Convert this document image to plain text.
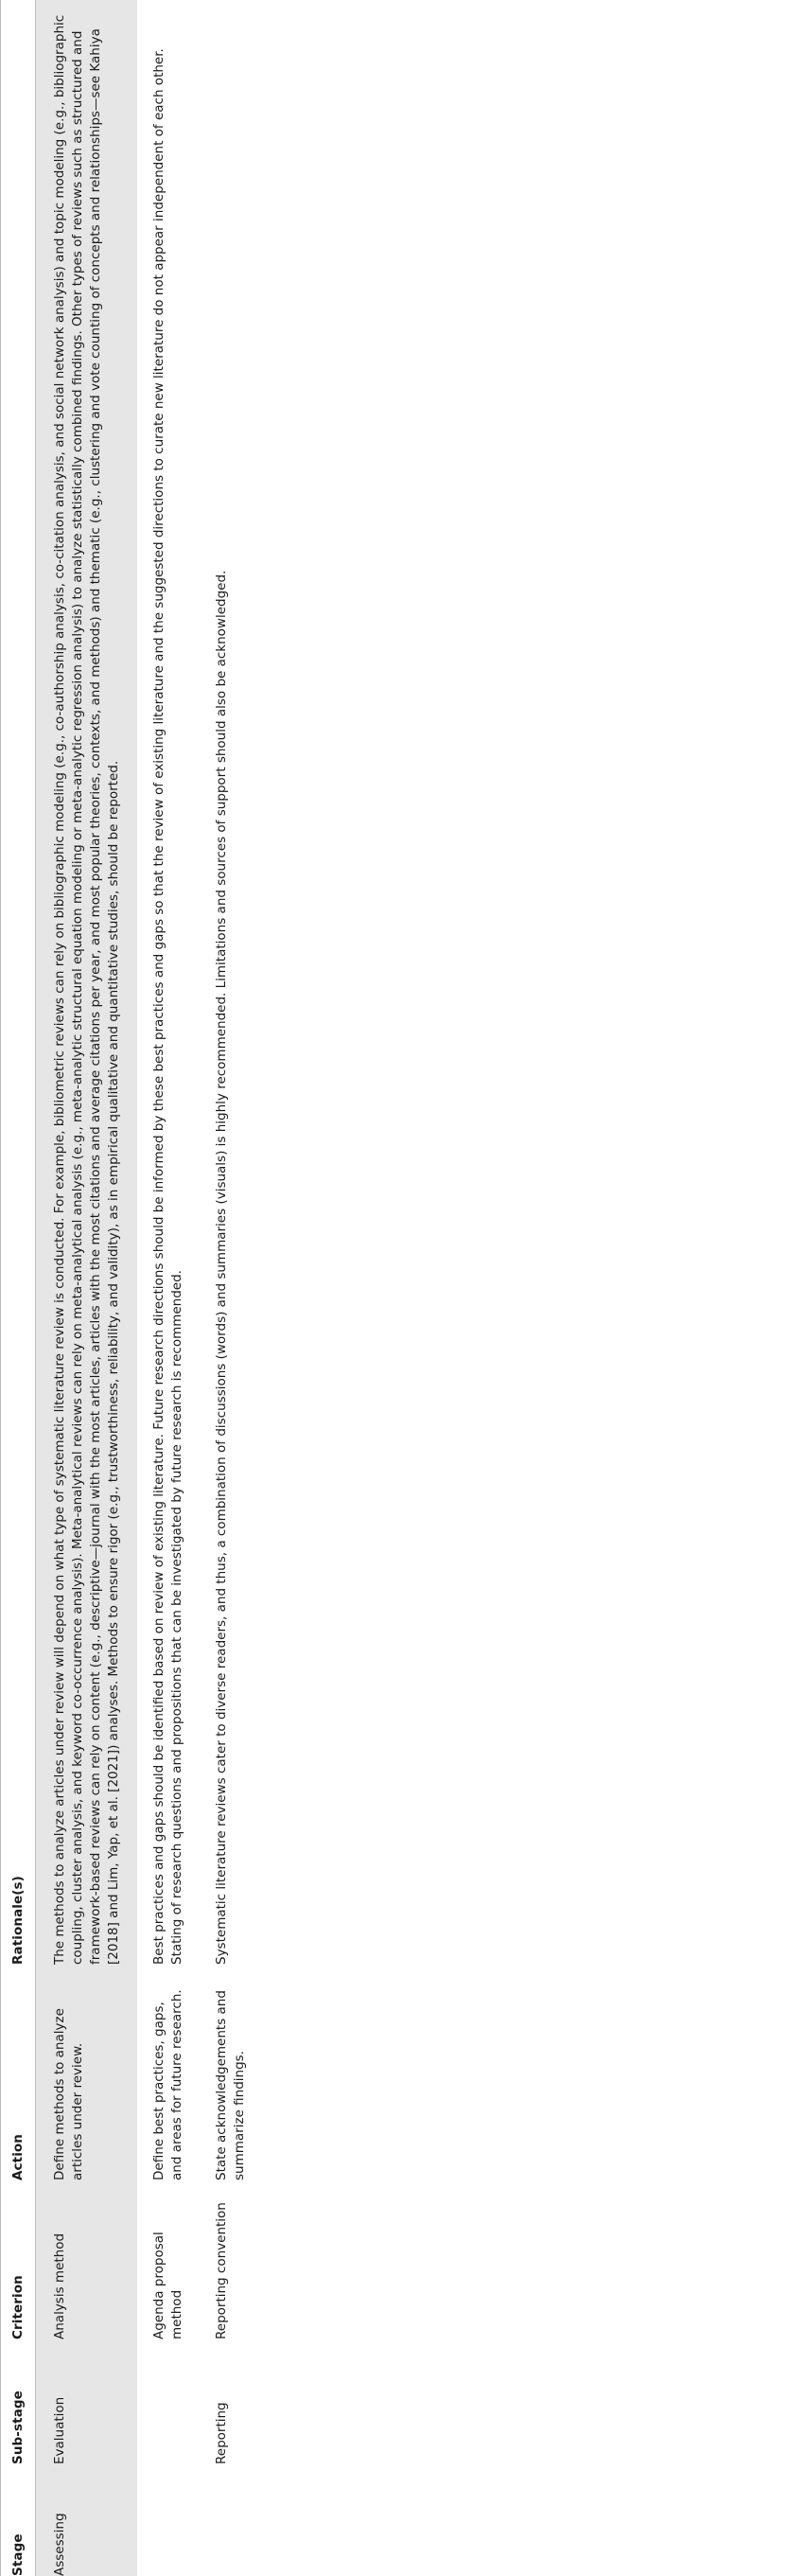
Stage	Sub-stage	Criterion	Action	Rationale(s)
Assessing	Evaluation	Analysis method	Define methods to analyze articles under review.	The methods to analyze articles under review will depend on what type of systematic literature review is conducted. For example, bibliometric reviews can rely on bibliographic modeling (e.g., co-authorship analysis, co-citation analysis, and social network analysis) and topic modeling (e.g., bibliographic coupling, cluster analysis, and keyword co-occurrence analysis). Meta-analytical reviews can rely on meta-analytical analysis (e.g., meta-analytic structural equation modeling or meta-analytic regression analysis) to analyze statistically combined findings. Other types of reviews such as structured and framework-based reviews can rely on content (e.g., descriptive—journal with the most articles, articles with the most citations and average citations per year, and most popular theories, contexts, and methods) and thematic (e.g., clustering and vote counting of concepts and relationships—see Kahiya [2018] and Lim, Yap, et al. [2021]) analyses. Methods to ensure rigor (e.g., trustworthiness, reliability, and validity), as in empirical qualitative and quantitative studies, should be reported.
		Agenda proposal method	Define best practices, gaps, and areas for future research.	Best practices and gaps should be identified based on review of existing literature. Future research directions should be informed by these best practices and gaps so that the review of existing literature and the suggested directions to curate new literature do not appear independent of each other. Stating of research questions and propositions that can be investigated by future research is recommended.
	Reporting	Reporting convention	State acknowledgements and summarize findings.	Systematic literature reviews cater to diverse readers, and thus, a combination of discussions (words) and summaries (visuals) is highly recommended. Limitations and sources of support should also be acknowledged.
